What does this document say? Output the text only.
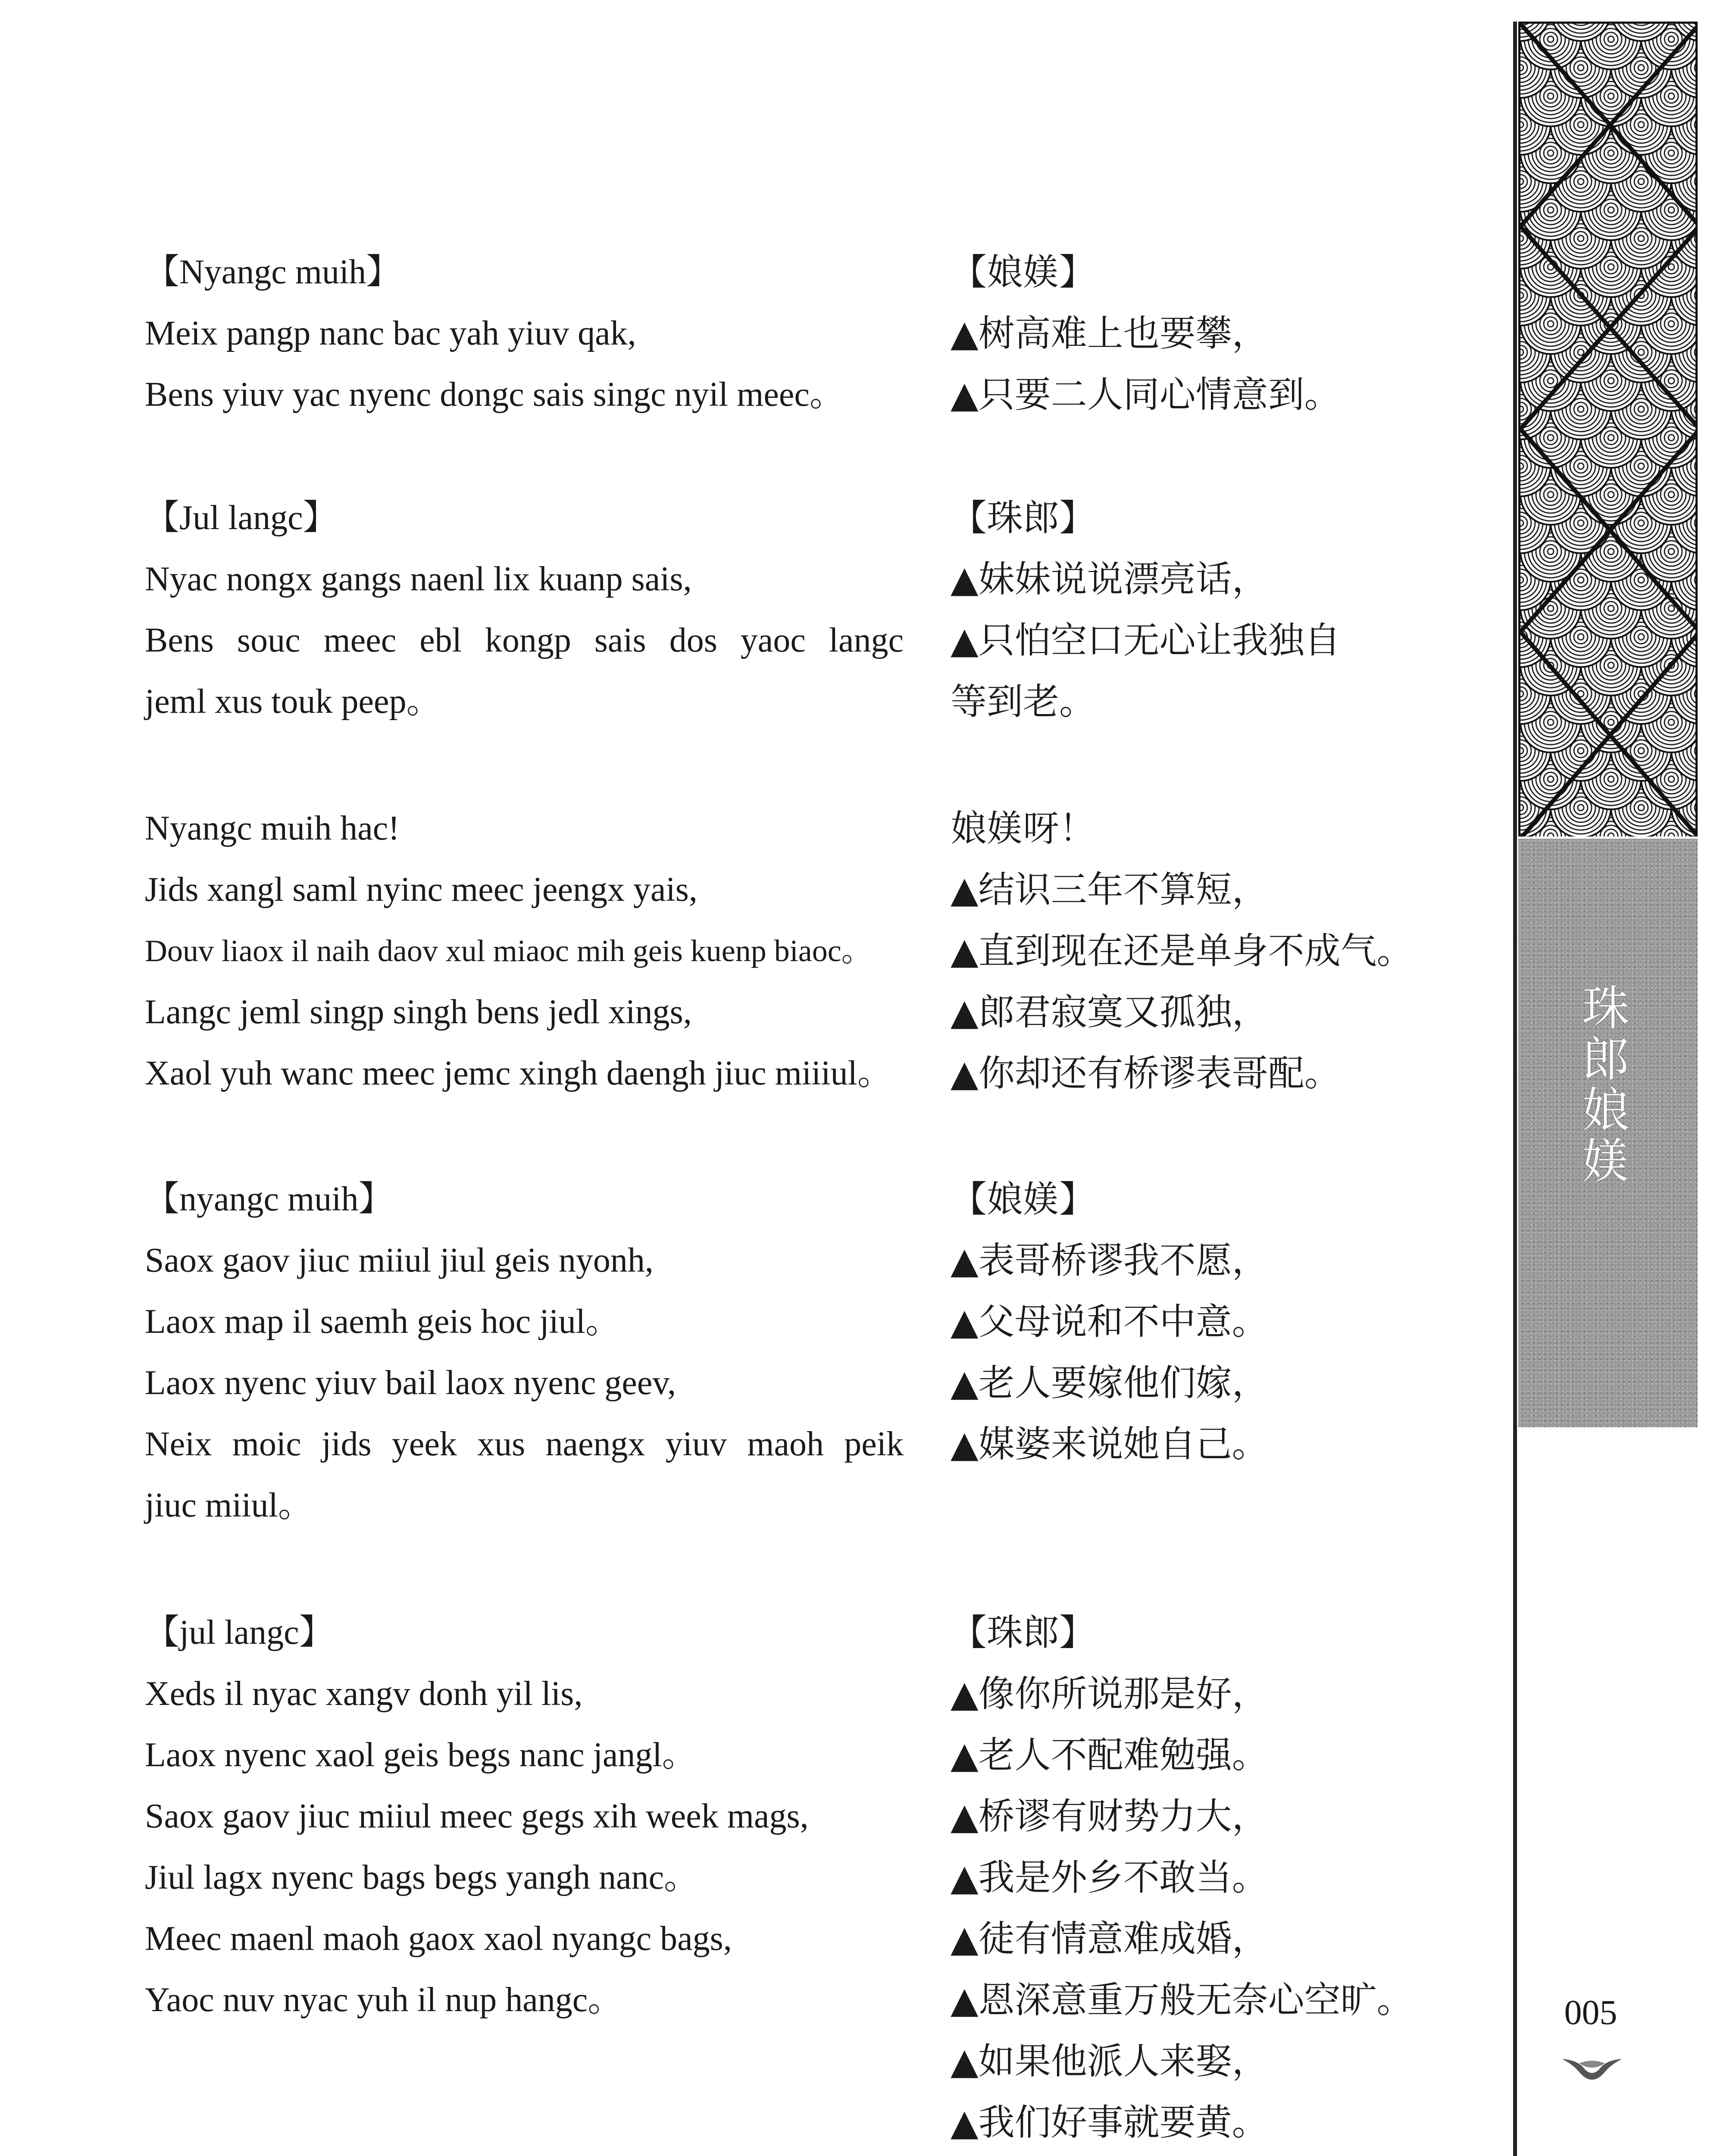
【Nyangc muih】
Meix pangp nanc bac yah yiuv qak,
Bens yiuv yac nyenc dongc sais singc nyil meec。
【Jul langc】
Nyac nongx gangs naenl lix kuanp sais,
Bens souc meec ebl kongp sais dos yaoc langc
jeml xus touk peep。
Nyangc muih hac!
Jids xangl saml nyinc meec jeengx yais,
Douv liaox il naih daov xul miaoc mih geis kuenp biaoc。
Langc jeml singp singh bens jedl xings,
Xaol yuh wanc meec jemc xingh daengh jiuc miiiul。
【nyangc muih】
Saox gaov jiuc miiul jiul geis nyonh,
Laox map il saemh geis hoc jiul。
Laox nyenc yiuv bail laox nyenc geev,
Neix moic jids yeek xus naengx yiuv maoh peik
jiuc miiul。
【jul langc】
Xeds il nyac xangv donh yil lis,
Laox nyenc xaol geis begs nanc jangl。
Saox gaov jiuc miiul meec gegs xih week mags,
Jiul lagx nyenc bags begs yangh nanc。
Meec maenl maoh gaox xaol nyangc bags,
Yaoc nuv nyac yuh il nup hangc。
【娘媄】
▲树高难上也要攀，
▲只要二人同心情意到。
【珠郎】
▲妹妹说说漂亮话，
▲只怕空口无心让我独自
等到老。
娘媄呀！
▲结识三年不算短，
▲直到现在还是单身不成气。
▲郎君寂寞又孤独，
▲你却还有桥谬表哥配。
【娘媄】
▲表哥桥谬我不愿，
▲父母说和不中意。
▲老人要嫁他们嫁，
▲媒婆来说她自己。
【珠郎】
▲像你所说那是好，
▲老人不配难勉强。
▲桥谬有财势力大，
▲我是外乡不敢当。
▲徒有情意难成婚，
▲恩深意重万般无奈心空旷。
▲如果他派人来娶，
▲我们好事就要黄。
珠郎娘媄
005
